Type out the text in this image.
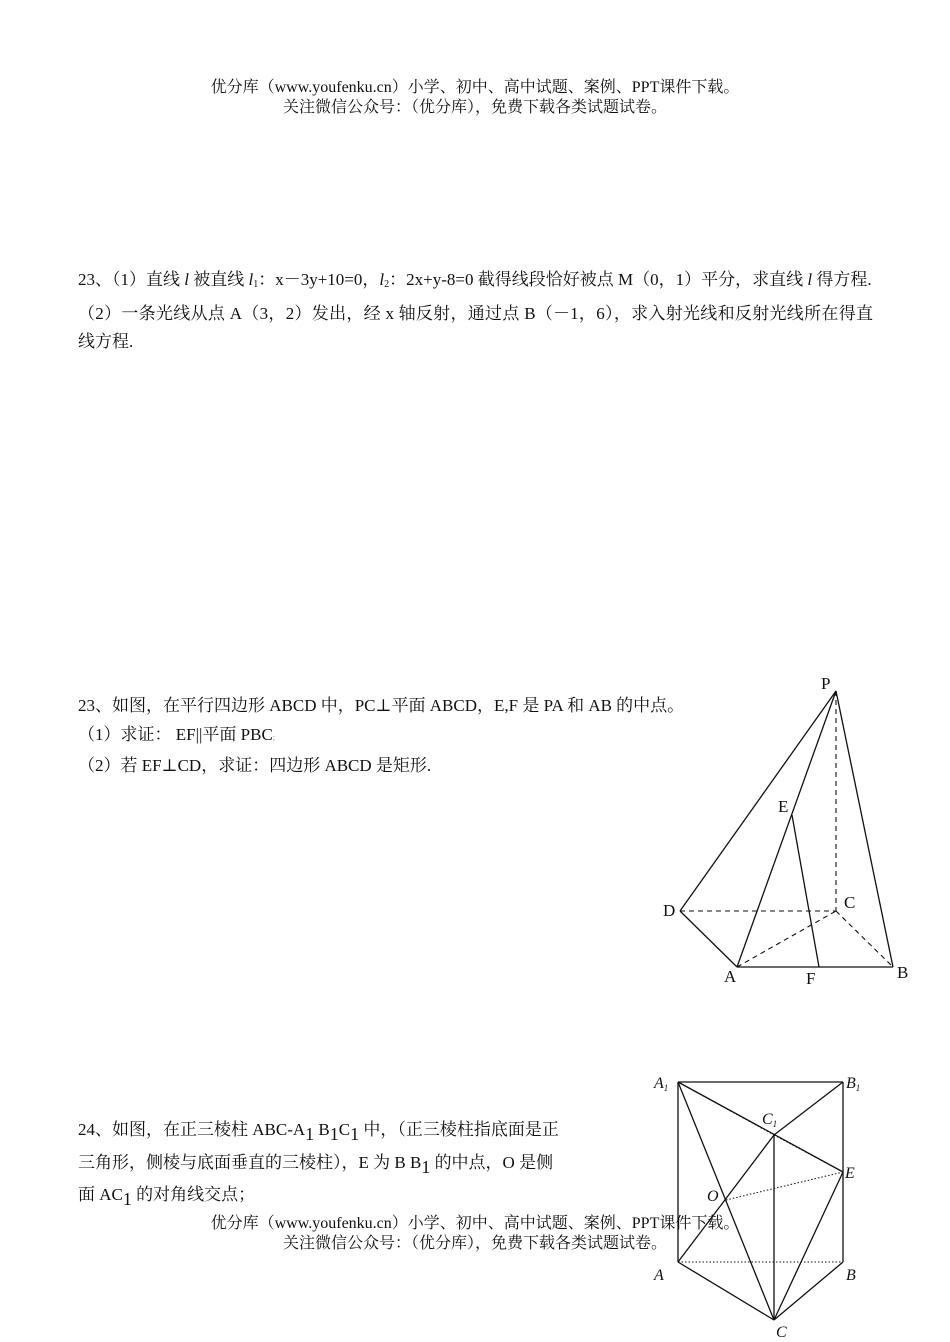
优分库（www.youfenku.cn）小学、初中、高中试题、案例、PPT课件下载。
关注微信公众号：（优分库），免费下载各类试题试卷。
23、（1）直线 l 被直线 $l_1$：x－3y+10=0，$l_2$：2x+y-8=0 截得线段恰好被点 M（0，1）平分，求直线 l 得方程.
（2）一条光线从点 A（3，2）发出，经 x 轴反射，通过点 B（－1，6），求入射光线和反射光线所在得直线方程.
23、如图，在平行四边形 ABCD 中，PC⊥平面 ABCD，E,F 是 PA 和 AB 的中点。
（1）求证： EF||平面 PBC;
（2）若 EF⊥CD，求证：四边形 ABCD 是矩形.
P
E
D	C
A	F	B
24、如图，在正三棱柱 ABC-$A_1$ $B_1C_1$ 中，（正三棱柱指底面是正
三角形，侧棱与底面垂直的三棱柱），E 为 B $B_1$ 的中点，O 是侧
面 $AC_1$ 的对角线交点；
A1	B1
C1
E
O
A	B
C
优分库（www.youfenku.cn）小学、初中、高中试题、案例、PPT课件下载。
关注微信公众号：（优分库），免费下载各类试题试卷。
